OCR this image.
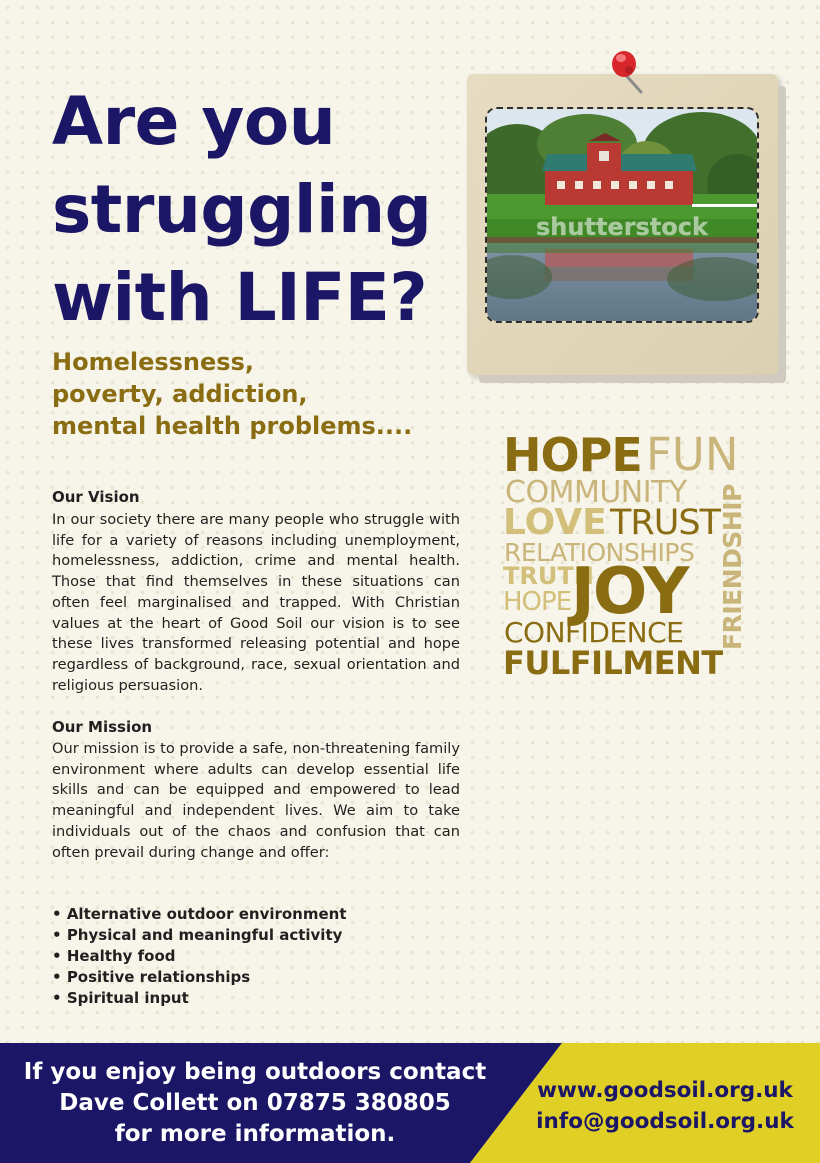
Are you
struggling
with LIFE?
Homelessness,
poverty, addiction,
mental health problems....
Our Vision

In our society there are many people who struggle with life for a variety of reasons including unemployment, homelessness, addiction, crime and mental health. Those that find themselves in these situations can often feel marginalised and trapped. With Christian values at the heart of Good Soil our vision is to see these lives transformed releasing potential and hope regardless of background, race, sexual orientation and religious persuasion.

Our Mission

Our mission is to provide a safe, non-threatening family environment where adults can develop essential life skills and can be equipped and empowered to lead meaningful and independent lives. We aim to take individuals out of the chaos and confusion that can often prevail during change and offer:

• Alternative outdoor environment
• Physical and meaningful activity
• Healthy food
• Positive relationships
• Spiritual input
shutterstock
HOPE FUN
COMMUNITY
LOVE TRUST
RELATIONSHIPS
TRUTH
HOPE JOY
CONFIDENCE
FULFILMENT
FRIENDSHIP

If you enjoy being outdoors contact
Dave Collett on 07875 380805
for more information.

www.goodsoil.org.uk
info@goodsoil.org.uk
